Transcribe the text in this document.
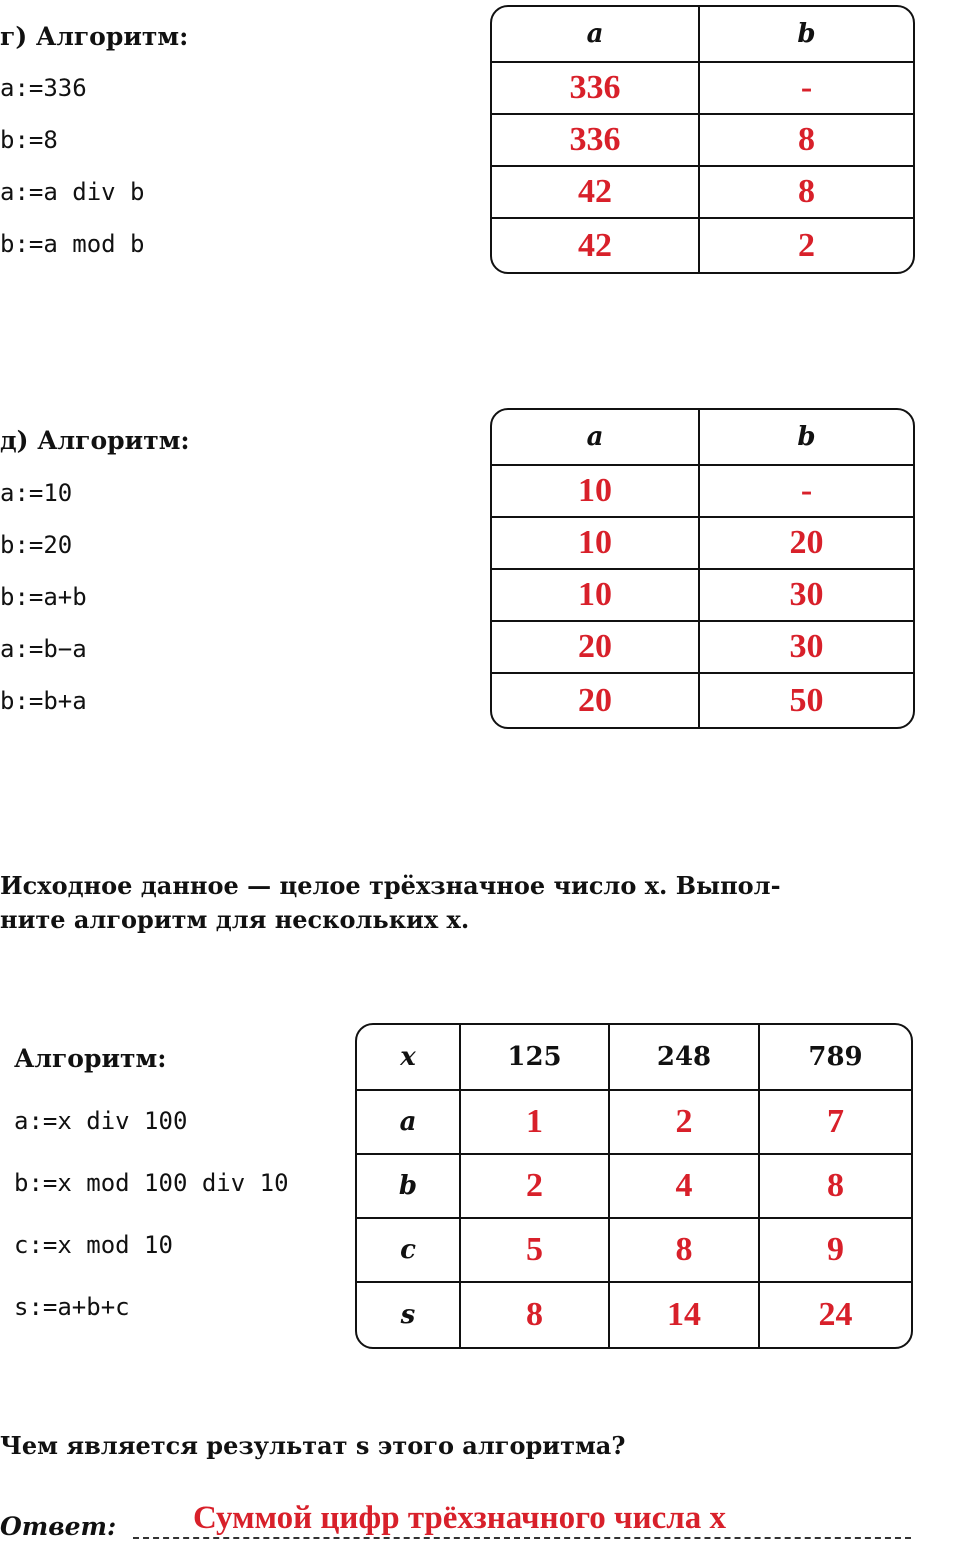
г) Алгоритм:
a:=336
b:=8
a:=a div b
b:=a mod b
a	b
336	-
336	8
42	8
42	2
д) Алгоритм:
a:=10
b:=20
b:=a+b
a:=b−a
b:=b+a
a	b
10	-
10	20
10	30
20	30
20	50
Исходное данное — целое трёхзначное число x. Выпол-
ните алгоритм для нескольких x.
Алгоритм:
a:=x div 100
b:=x mod 100 div 10
c:=x mod 10
s:=a+b+c
x	125	248	789
a	1	2	7
b	2	4	8
c	5	8	9
s	8	14	24
Чем является результат s этого алгоритма?
Ответ: Суммой цифр трёхзначного числа х
